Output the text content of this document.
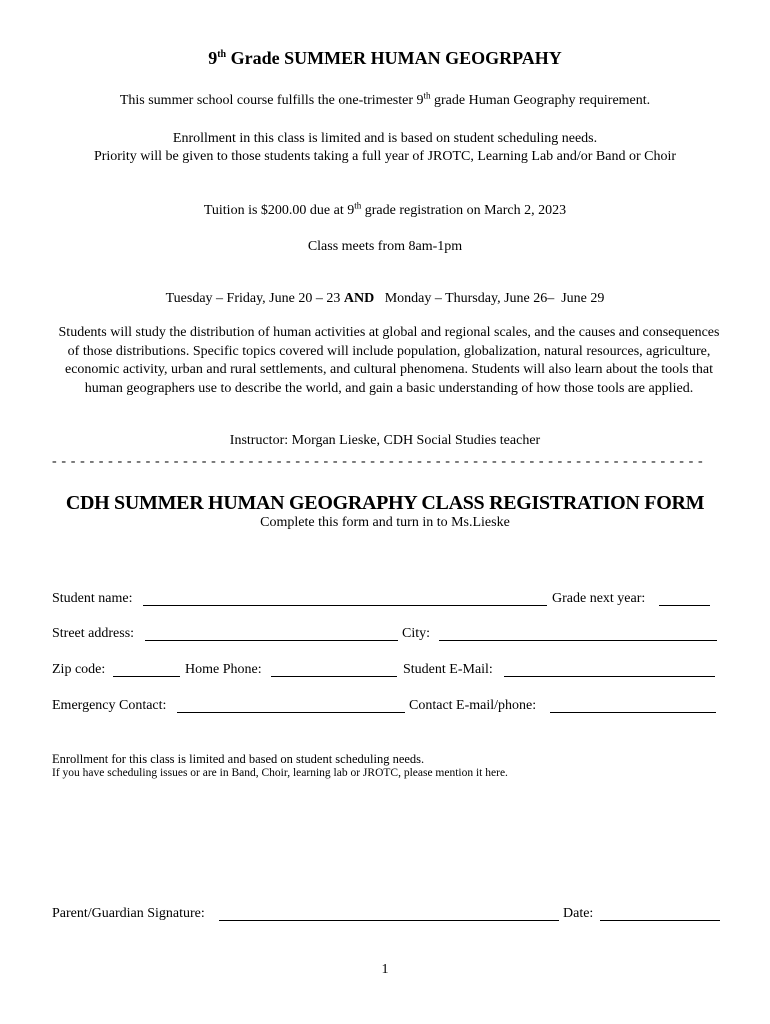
9th Grade SUMMER HUMAN GEOGRPAHY
This summer school course fulfills the one-trimester 9th grade Human Geography requirement.
Enrollment in this class is limited and is based on student scheduling needs.
Priority will be given to those students taking a full year of JROTC, Learning Lab and/or Band or Choir
Tuition is $200.00 due at 9th grade registration on March 2, 2023
Class meets from 8am-1pm
Tuesday – Friday, June 20 – 23 AND   Monday – Thursday, June 26–  June 29
Students will study the distribution of human activities at global and regional scales, and the causes and consequences of those distributions. Specific topics covered will include population, globalization, natural resources, agriculture, economic activity, urban and rural settlements, and cultural phenomena. Students will also learn about the tools that human geographers use to describe the world, and gain a basic understanding of how those tools are applied.
Instructor: Morgan Lieske, CDH Social Studies teacher
- - - - - - - - - - - - - - - - - - - - - - - - - - - - - - - - - - - - - - - - - - - - - - - - - - - - - - - - - - - - - - - - - - - - - -
CDH SUMMER HUMAN GEOGRAPHY CLASS REGISTRATION FORM
Complete this form and turn in to Ms.Lieske
Student name:	Grade next year:
Street address:	City:
Zip code:	Home Phone:	Student E-Mail:
Emergency Contact:	Contact E-mail/phone:
Enrollment for this class is limited and based on student scheduling needs.
If you have scheduling issues or are in Band, Choir, learning lab or JROTC, please mention it here.
Parent/Guardian Signature:	Date:
1
